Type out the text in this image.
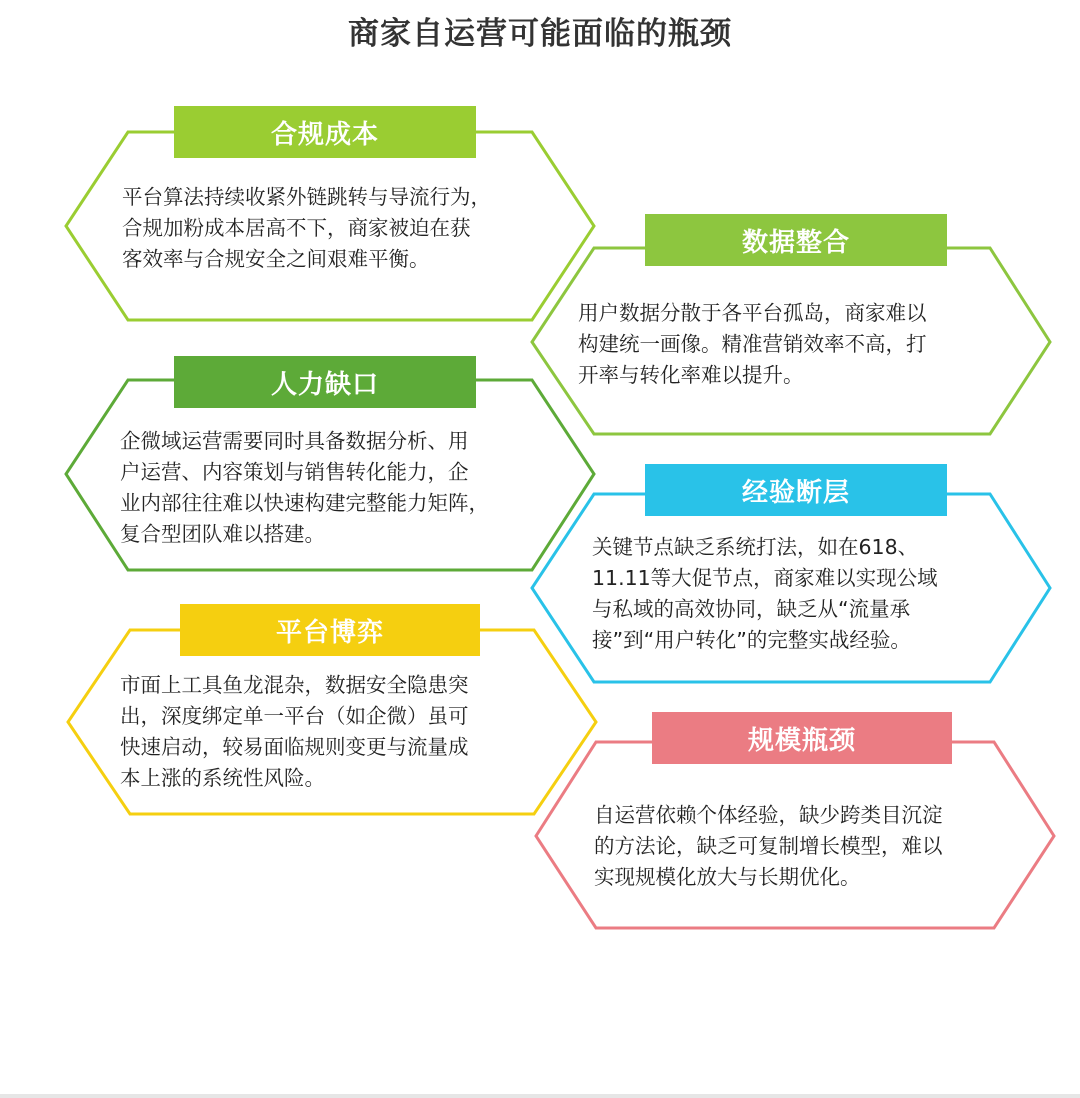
商家自运营可能面临的瓶颈
合规成本
平台算法持续收紧外链跳转与导流行为，
合规加粉成本居高不下，商家被迫在获
客效率与合规安全之间艰难平衡。
数据整合
用户数据分散于各平台孤岛，商家难以
构建统一画像。精准营销效率不高，打
开率与转化率难以提升。
人力缺口
企微域运营需要同时具备数据分析、用
户运营、内容策划与销售转化能力，企
业内部往往难以快速构建完整能力矩阵，
复合型团队难以搭建。
经验断层
关键节点缺乏系统打法，如在618、
11.11等大促节点，商家难以实现公域
与私域的高效协同，缺乏从“流量承
接”到“用户转化”的完整实战经验。
平台博弈
市面上工具鱼龙混杂，数据安全隐患突
出，深度绑定单一平台（如企微）虽可
快速启动，较易面临规则变更与流量成
本上涨的系统性风险。
规模瓶颈
自运营依赖个体经验，缺少跨类目沉淀
的方法论，缺乏可复制增长模型，难以
实现规模化放大与长期优化。
